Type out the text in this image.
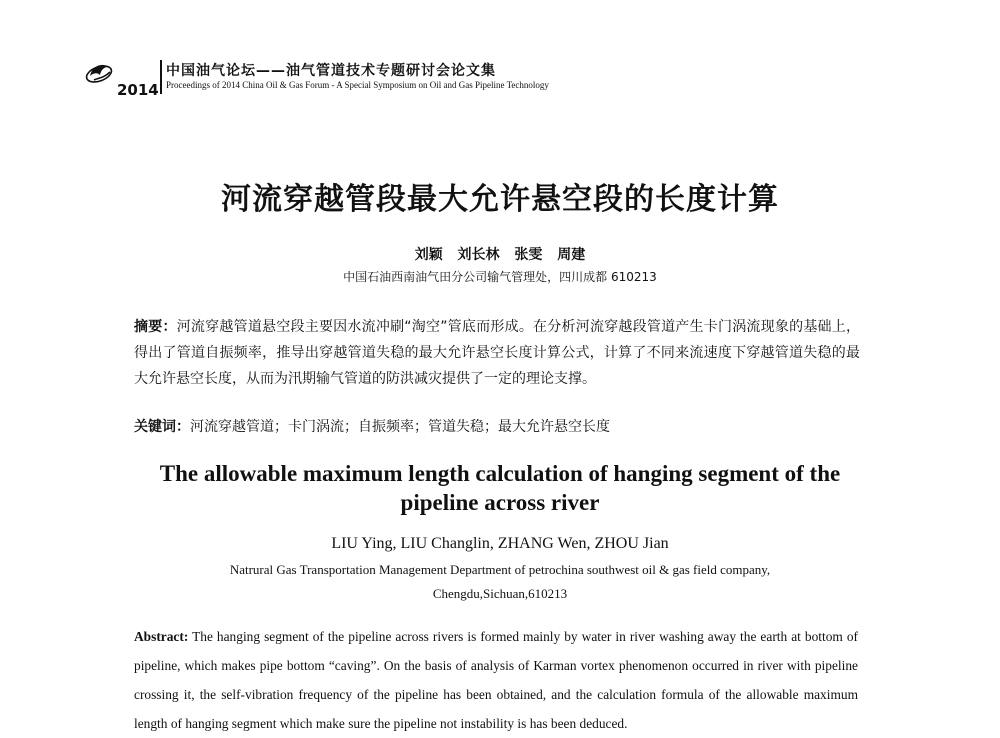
2014
中国油气论坛——油气管道技术专题研讨会论文集
Proceedings of 2014 China Oil & Gas Forum - A Special Symposium on Oil and Gas Pipeline Technology
河流穿越管段最大允许悬空段的长度计算
刘颖 刘长林 张雯 周建
中国石油西南油气田分公司输气管理处，四川成都 610213
摘要：河流穿越管道悬空段主要因水流冲刷“淘空”管底而形成。在分析河流穿越段管道产生卡门涡流现象的基础上，得出了管道自振频率，推导出穿越管道失稳的最大允许悬空长度计算公式，计算了不同来流速度下穿越管道失稳的最大允许悬空长度，从而为汛期输气管道的防洪减灾提供了一定的理论支撑。
关键词：河流穿越管道；卡门涡流；自振频率；管道失稳；最大允许悬空长度
The allowable maximum length calculation of hanging segment of the pipeline across river
LIU Ying, LIU Changlin, ZHANG Wen, ZHOU Jian
Natrural Gas Transportation Management Department of petrochina southwest oil & gas field company,
Chengdu,Sichuan,610213
Abstract: The hanging segment of the pipeline across rivers is formed mainly by water in river washing away the earth at bottom of pipeline, which makes pipe bottom “caving”. On the basis of analysis of Karman vortex phenomenon occurred in river with pipeline crossing it, the self-vibration frequency of the pipeline has been obtained, and the calculation formula of the allowable maximum length of hanging segment which make sure the pipeline not instability is has been deduced.
